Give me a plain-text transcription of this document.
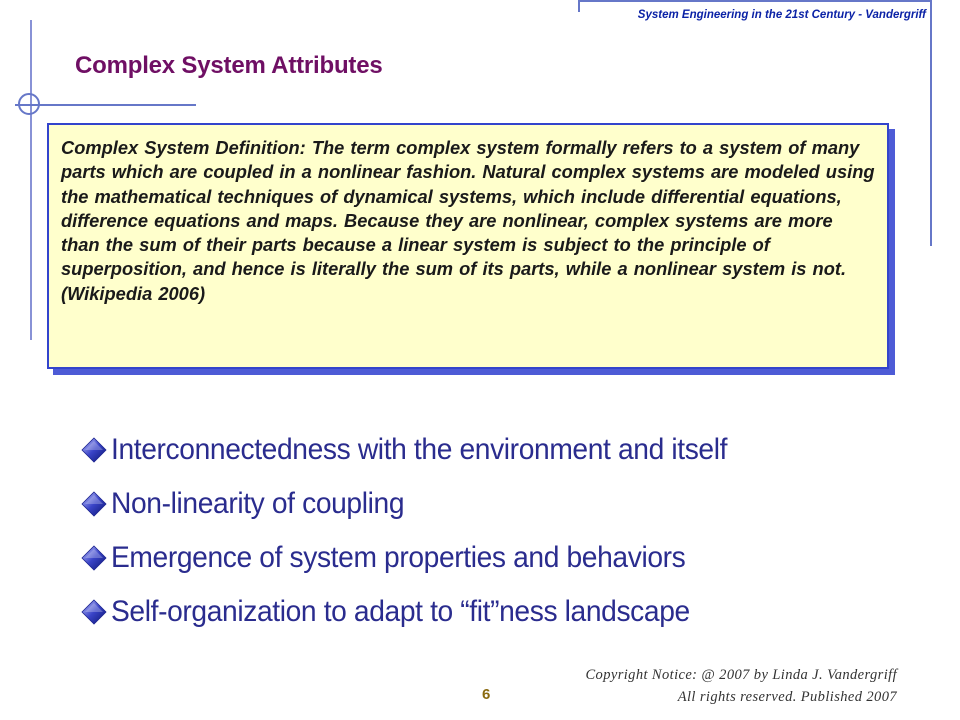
System Engineering in the 21st Century - Vandergriff
Complex System Attributes
Complex System Definition: The term complex system formally refers to a system of many parts which are coupled in a nonlinear fashion. Natural complex systems are modeled using the mathematical techniques of dynamical systems, which include differential equations, difference equations and maps. Because they are nonlinear, complex systems are more than the sum of their parts because a linear system is subject to the principle of superposition, and hence is literally the sum of its parts, while a nonlinear system is not. (Wikipedia 2006)
Interconnectedness with the environment and itself
Non-linearity of coupling
Emergence of system properties and behaviors
Self-organization to adapt to “fit”ness landscape
Copyright Notice: @ 2007 by Linda J. Vandergriff
All rights reserved. Published 2007
6
